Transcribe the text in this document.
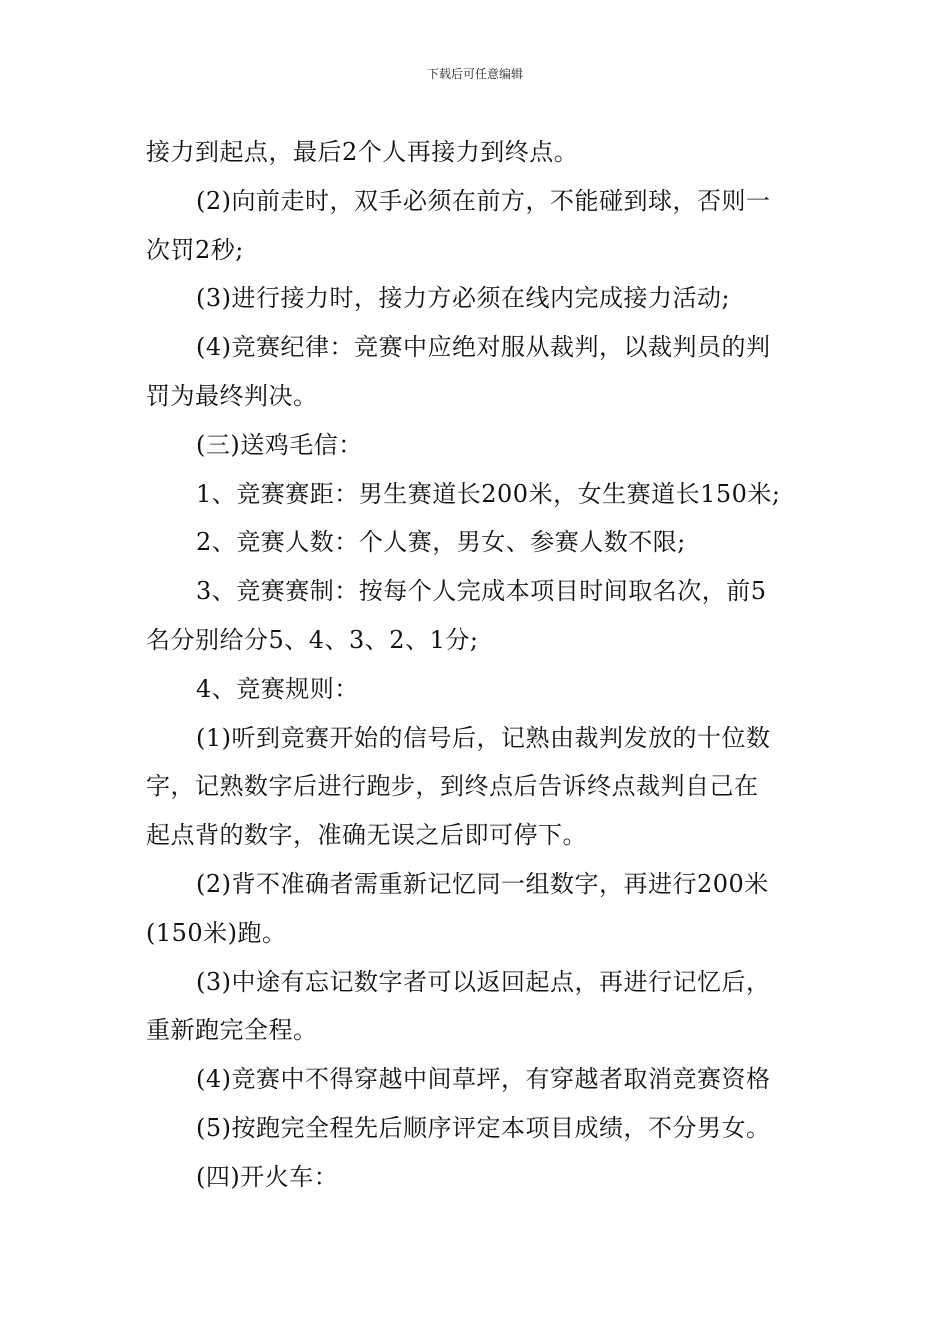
下载后可任意编辑
接力到起点，最后2个人再接力到终点。
(2)向前走时，双手必须在前方，不能碰到球，否则一
次罚2秒;
(3)进行接力时，接力方必须在线内完成接力活动;
(4)竞赛纪律：竞赛中应绝对服从裁判，以裁判员的判
罚为最终判决。
(三)送鸡毛信：
1、竞赛赛距：男生赛道长200米，女生赛道长150米;
2、竞赛人数：个人赛，男女、参赛人数不限;
3、竞赛赛制：按每个人完成本项目时间取名次，前5
名分别给分5、4、3、2、1分;
4、竞赛规则：
(1)听到竞赛开始的信号后，记熟由裁判发放的十位数
字，记熟数字后进行跑步，到终点后告诉终点裁判自己在
起点背的数字，准确无误之后即可停下。
(2)背不准确者需重新记忆同一组数字，再进行200米
(150米)跑。
(3)中途有忘记数字者可以返回起点，再进行记忆后，
重新跑完全程。
(4)竞赛中不得穿越中间草坪，有穿越者取消竞赛资格
(5)按跑完全程先后顺序评定本项目成绩，不分男女。
(四)开火车：
